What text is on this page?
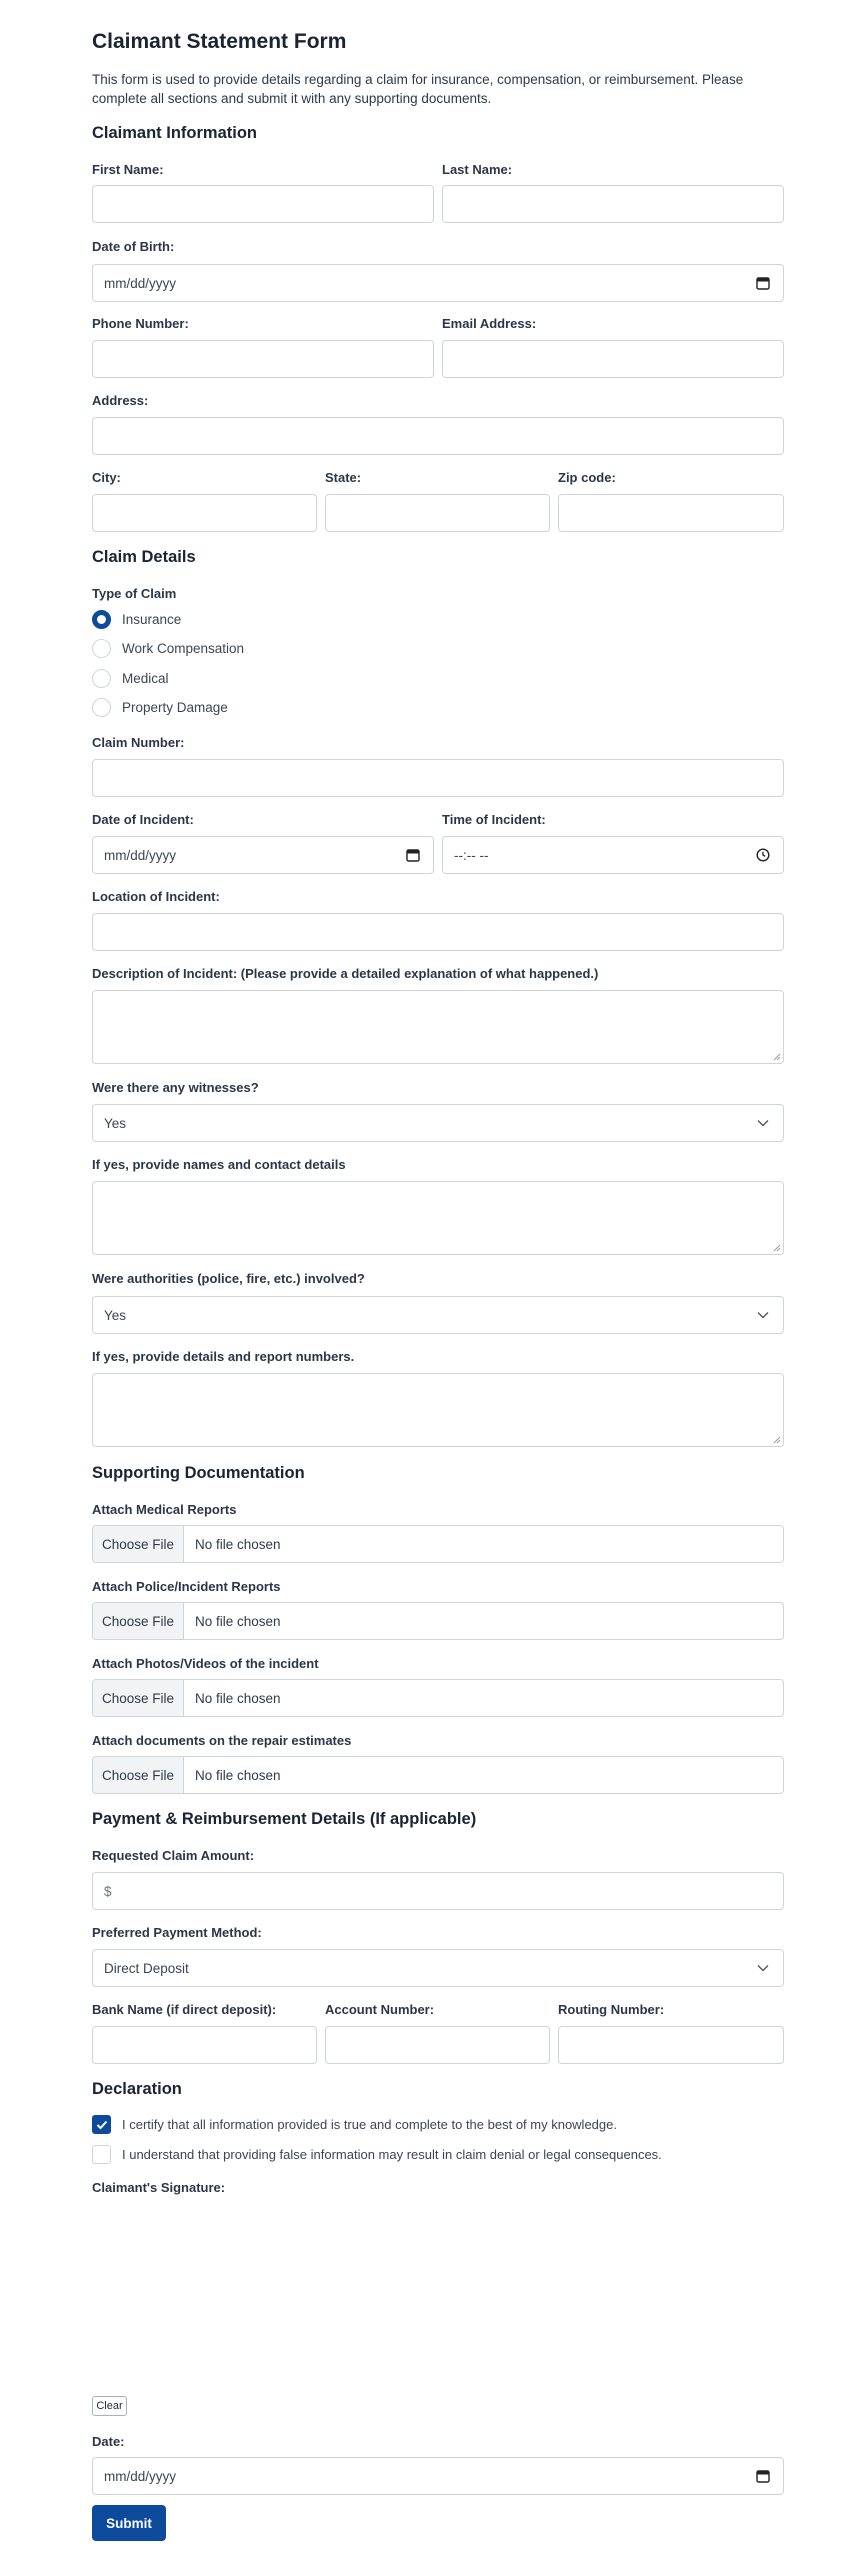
Claimant Statement Form
This form is used to provide details regarding a claim for insurance, compensation, or reimbursement. Please complete all sections and submit it with any supporting documents.
Claimant Information
First Name:	Last Name:
Date of Birth:
mm/dd/yyyy
Phone Number:	Email Address:
Address:
City:	State:	Zip code:
Claim Details
Type of Claim
Insurance
Work Compensation
Medical
Property Damage
Claim Number:
Date of Incident:	Time of Incident:
mm/dd/yyyy	--:-- --
Location of Incident:
Description of Incident: (Please provide a detailed explanation of what happened.)
Were there any witnesses?
Yes
If yes, provide names and contact details
Were authorities (police, fire, etc.) involved?
Yes
If yes, provide details and report numbers.
Supporting Documentation
Attach Medical Reports
Choose File	No file chosen
Attach Police/Incident Reports
Choose File	No file chosen
Attach Photos/Videos of the incident
Choose File	No file chosen
Attach documents on the repair estimates
Choose File	No file chosen
Payment & Reimbursement Details (If applicable)
Requested Claim Amount:
$
Preferred Payment Method:
Direct Deposit
Bank Name (if direct deposit):	Account Number:	Routing Number:
Declaration
I certify that all information provided is true and complete to the best of my knowledge.
I understand that providing false information may result in claim denial or legal consequences.
Claimant's Signature:
Clear
Date:
mm/dd/yyyy
Submit
